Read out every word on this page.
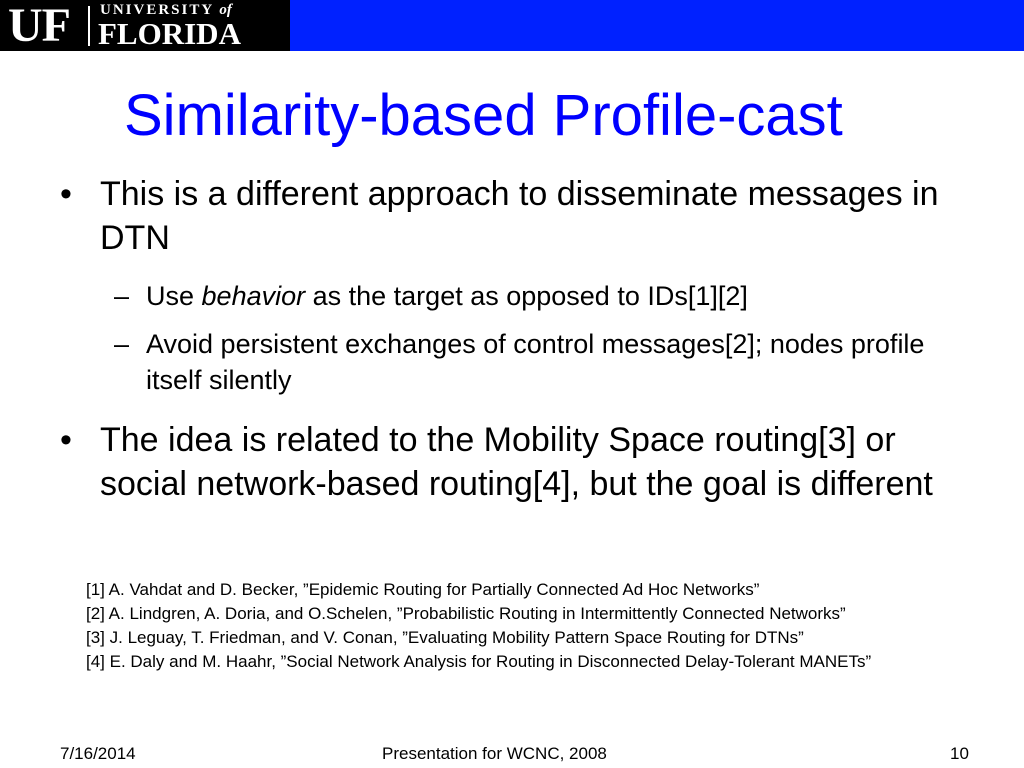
UF UNIVERSITY of
FLORIDA
Similarity-based Profile-cast
• This is a different approach to disseminate messages in DTN
– Use behavior as the target as opposed to IDs[1][2]
– Avoid persistent exchanges of control messages[2]; nodes profile itself silently
• The idea is related to the Mobility Space routing[3] or social network-based routing[4], but the goal is different
[1] A. Vahdat and D. Becker, ”Epidemic Routing for Partially Connected Ad Hoc Networks”
[2] A. Lindgren, A. Doria, and O.Schelen, ”Probabilistic Routing in Intermittently Connected Networks”
[3] J. Leguay, T. Friedman, and V. Conan, ”Evaluating Mobility Pattern Space Routing for DTNs”
[4] E. Daly and M. Haahr, ”Social Network Analysis for Routing in Disconnected Delay-Tolerant MANETs”
7/16/2014	Presentation for WCNC, 2008	10
